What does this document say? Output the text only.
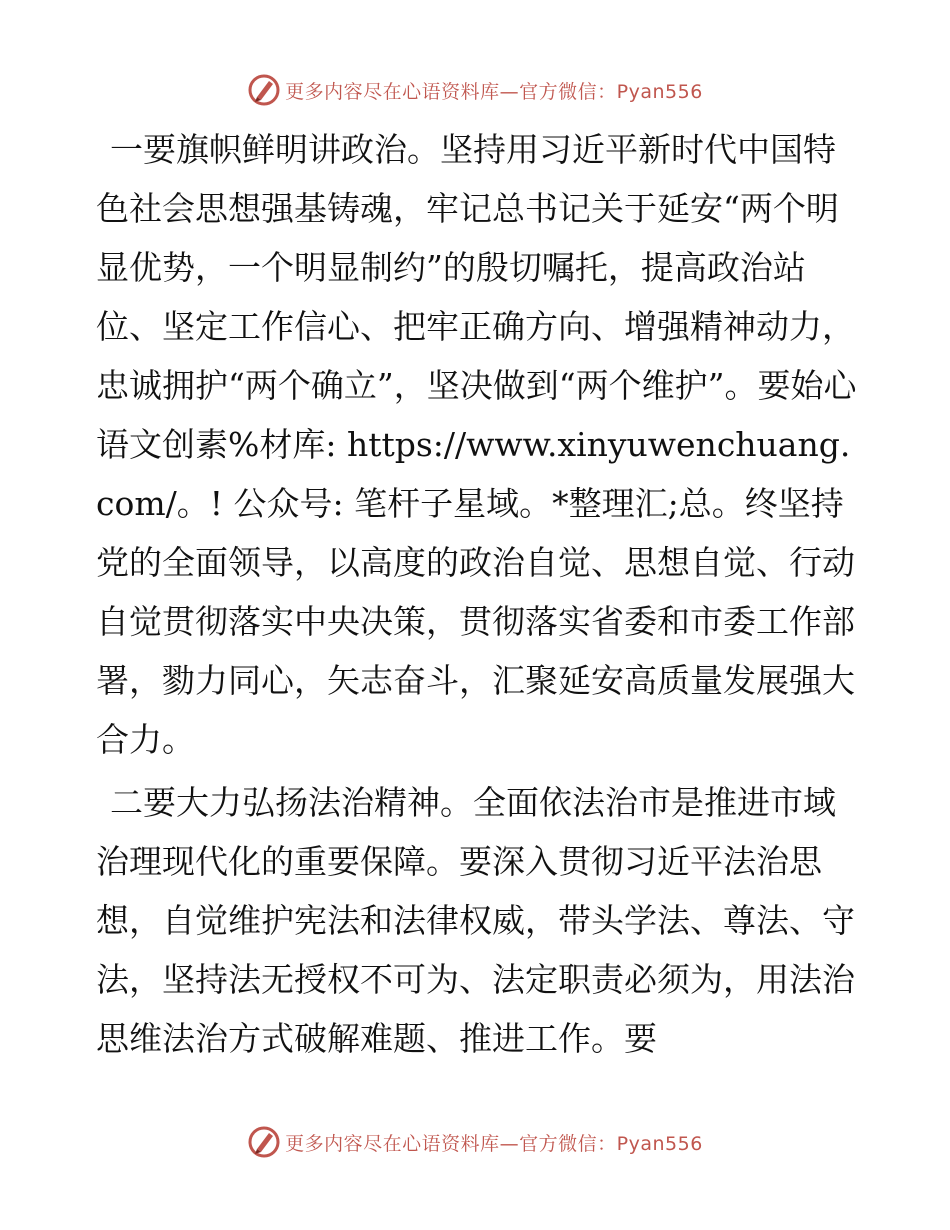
更多内容尽在心语资料库—官方微信：Pyan556

一要旗帜鲜明讲政治。坚持用习近平新时代中国特色社会思想强基铸魂，牢记总书记关于延安“两个明显优势，一个明显制约”的殷切嘱托，提高政治站位、坚定工作信心、把牢正确方向、增强精神动力，忠诚拥护“两个确立”，坚决做到“两个维护”。要始心语文创素%材库: https://www.xinyuwenchuang.com/。! 公众号: 笔杆子星域。*整理汇;总。终坚持党的全面领导，以高度的政治自觉、思想自觉、行动自觉贯彻落实中央决策，贯彻落实省委和市委工作部署，勠力同心，矢志奋斗，汇聚延安高质量发展强大合力。

二要大力弘扬法治精神。全面依法治市是推进市域治理现代化的重要保障。要深入贯彻习近平法治思想，自觉维护宪法和法律权威，带头学法、尊法、守法，坚持法无授权不可为、法定职责必须为，用法治思维法治方式破解难题、推进工作。要

更多内容尽在心语资料库—官方微信：Pyan556
